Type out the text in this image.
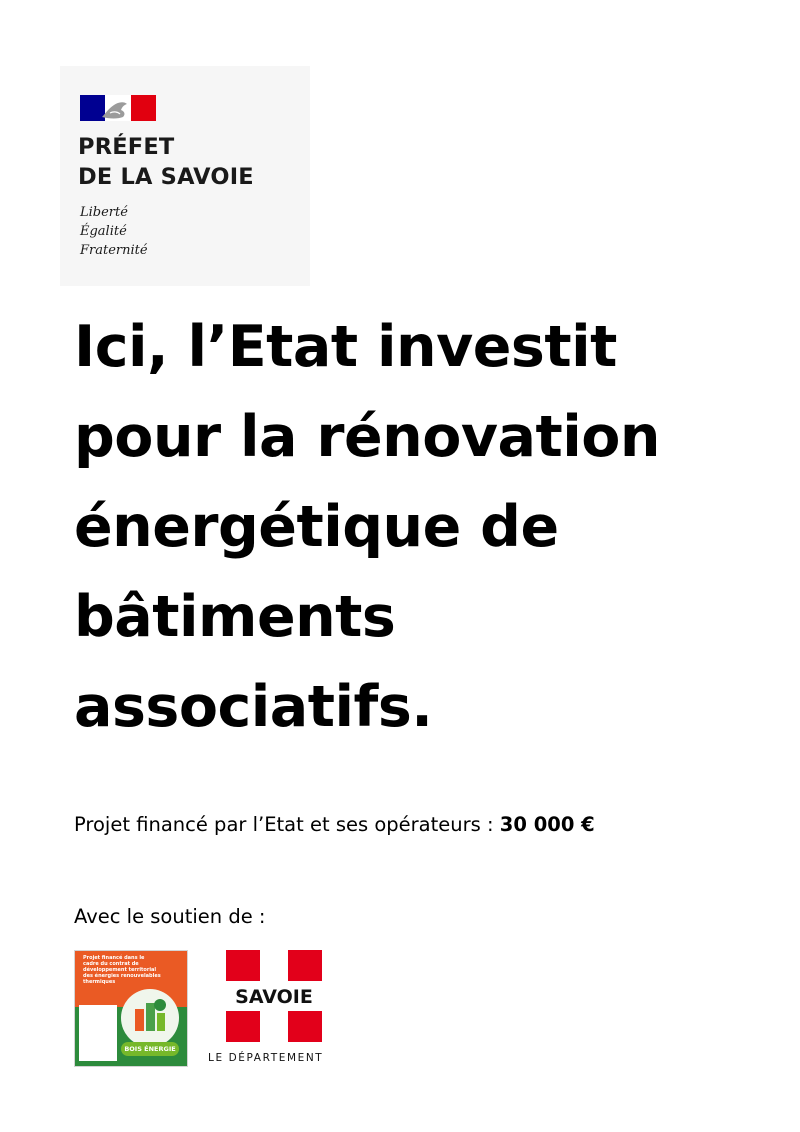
PRÉFET
DE LA SAVOIE
Liberté
Égalité
Fraternité
Ici, l’Etat investit
pour la rénovation
énergétique de
bâtiments
associatifs.
Projet financé par l’Etat et ses opérateurs : 30 000 €
Avec le soutien de :
Projet financé dans le cadre du contrat de développement territorial des énergies renouvelables thermiques
BOIS ÉNERGIE
SAVOIE
LE DÉPARTEMENT
